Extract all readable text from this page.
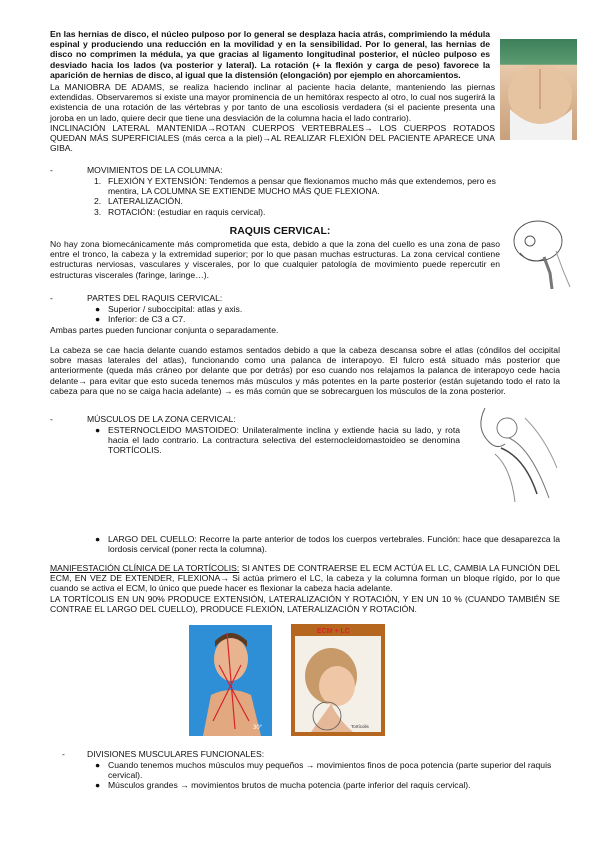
En las hernias de disco, el núcleo pulposo por lo general se desplaza hacia atrás, comprimiendo la médula espinal y produciendo una reducción en la movilidad y en la sensibilidad. Por lo general, las hernias de disco no comprimen la médula, ya que gracias al ligamento longitudinal posterior, el núcleo pulposo es desviado hacia los lados (va posterior y lateral). La rotación (+ la flexión y carga de peso) favorece la aparición de hernias de disco, al igual que la distensión (elongación) por ejemplo en ahorcamientos.
La MANIOBRA DE ADAMS, se realiza haciendo inclinar al paciente hacia delante, manteniendo las piernas extendidas. Observaremos si existe una mayor prominencia de un hemitórax respecto al otro, lo cual nos sugerirá la existencia de una rotación de las vértebras y por tanto de una escoliosis verdadera (si el paciente presenta una joroba en un lado, quiere decir que tiene una desviación de la columna hacia el lado contrario).
INCLINACIÓN LATERAL MANTENIDA→ROTAN CUERPOS VERTEBRALES→ LOS CUERPOS ROTADOS QUEDAN MÁS SUPERFICIALES (más cerca a la piel)→AL REALIZAR FLEXIÓN DEL PACIENTE APARECE UNA GIBA.
-	MOVIMIENTOS DE LA COLUMNA:
1. FLEXIÓN Y EXTENSIÓN: Tendemos a pensar que flexionamos mucho más que extendemos, pero es mentira, LA COLUMNA SE EXTIENDE MUCHO MÁS QUE FLEXIONA.
2. LATERALIZACIÓN.
3. ROTACIÓN: (estudiar en raquis cervical).
RAQUIS CERVICAL:
No hay zona biomecánicamente más comprometida que esta, debido a que la zona del cuello es una zona de paso entre el tronco, la cabeza y la extremidad superior; por lo que pasan muchas estructuras. La zona cervical contiene estructuras nerviosas, vasculares y viscerales, por lo que cualquier patología de movimiento puede repercutir en estructuras viscerales (faringe, laringe…).
-	PARTES DEL RAQUIS CERVICAL:
● Superior / suboccipital: atlas y axis.
● Inferior: de C3 a C7.
Ambas partes pueden funcionar conjunta o separadamente.
La cabeza se cae hacia delante cuando estamos sentados debido a que la cabeza descansa sobre el atlas (cóndilos del occipital sobre masas laterales del atlas), funcionando como una palanca de interapoyo. El fulcro está situado más posterior que anteriormente (queda más cráneo por delante que por detrás) por eso cuando nos relajamos la palanca de interapoyo cede hacia delante→ para evitar que esto suceda tenemos más músculos y más potentes en la parte posterior (están sujetando todo el rato la cabeza para que no se caiga hacia adelante) → es más común que se sobrecarguen los músculos de la zona posterior.
-	MÚSCULOS DE LA ZONA CERVICAL:
● ESTERNOCLEIDO MASTOIDEO: Unilateralmente inclina y extiende hacia su lado, y rota hacia el lado contrario. La contractura selectiva del esternocleidomastoideo se denomina TORTÍCOLIS.
● LARGO DEL CUELLO: Recorre la parte anterior de todos los cuerpos vertebrales. Función: hace que desaparezca la lordosis cervical (poner recta la columna).
MANIFESTACIÓN CLÍNICA DE LA TORTÍCOLIS: SI ANTES DE CONTRAERSE EL ECM ACTÚA EL LC, CAMBIA LA FUNCIÓN DEL ECM, EN VEZ DE EXTENDER, FLEXIONA→ Si actúa primero el LC, la cabeza y la columna forman un bloque rígido, por lo que cuando se activa el ECM, lo único que puede hacer es flexionar la cabeza hacia adelante.
LA TORTÍCOLIS EN UN 90% PRODUCE EXTENSIÓN, LATERALIZACIÓN Y ROTACIÓN, Y EN UN 10 % (CUANDO TAMBIÉN SE CONTRAE EL LARGO DEL CUELLO), PRODUCE FLEXIÓN, LATERALIZACIÓN Y ROTACIÓN.
30°
ECM + LC
Tortícolis
-	DIVISIONES MUSCULARES FUNCIONALES:
● Cuando tenemos muchos músculos muy pequeños → movimientos finos de poca potencia (parte superior del raquis cervical).
● Músculos grandes → movimientos brutos de mucha potencia (parte inferior del raquis cervical).
